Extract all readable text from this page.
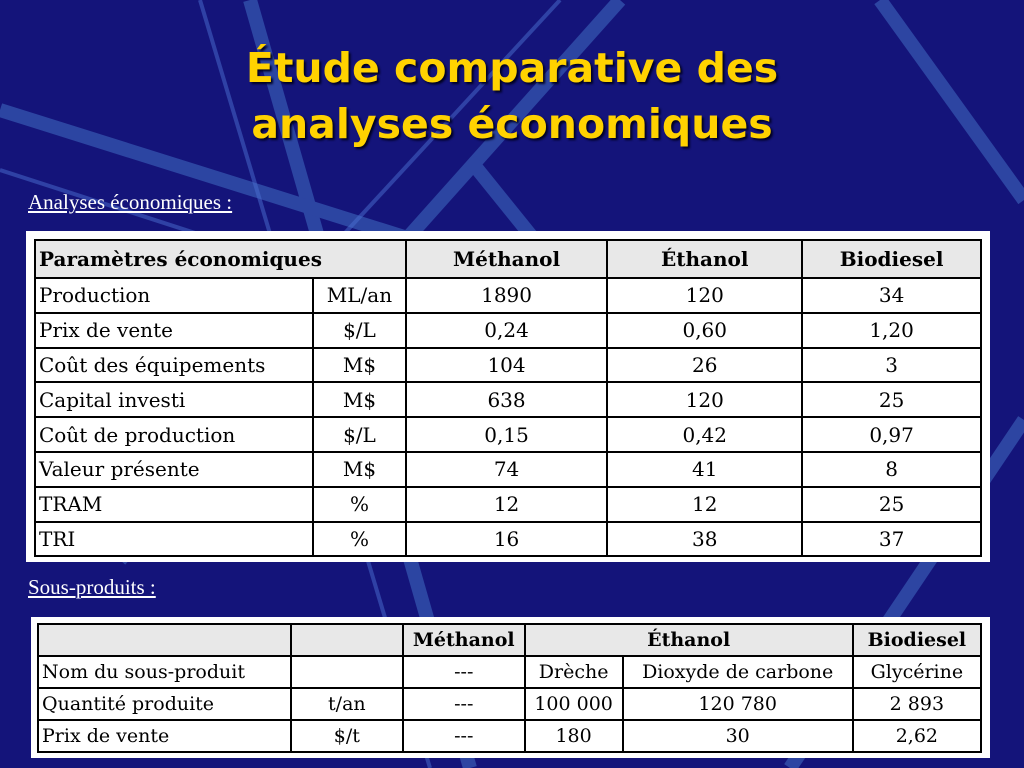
Étude comparative des
analyses économiques
Analyses économiques :
Paramètres économiques		Méthanol	Éthanol	Biodiesel
Production	ML/an	1890	120	34
Prix de vente	$/L	0,24	0,60	1,20
Coût des équipements	M$	104	26	3
Capital investi	M$	638	120	25
Coût de production	$/L	0,15	0,42	0,97
Valeur présente	M$	74	41	8
TRAM	%	12	12	25
TRI	%	16	38	37
Sous-produits :
		Méthanol	Éthanol		Biodiesel
Nom du sous-produit		---	Drèche	Dioxyde de carbone	Glycérine
Quantité produite	t/an	---	100 000	120 780	2 893
Prix de vente	$/t	---	180	30	2,62
